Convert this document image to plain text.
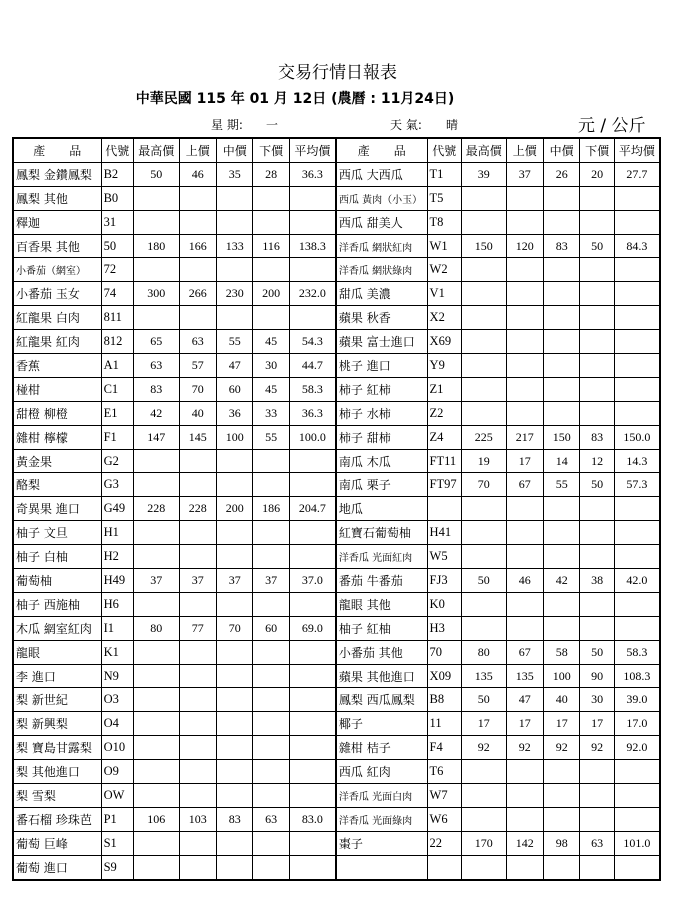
交易行情日報表
中華民國 115 年 01 月 12日 (農曆 : 11月24日)
星 期: 一	天 氣: 晴	元 / 公斤
產　　品	代號	最高價	上價	中價	下價	平均價	產　　品	代號	最高價	上價	中價	下價	平均價
鳳梨 金鑽鳳梨	B2	50	46	35	28	36.3	西瓜 大西瓜	T1	39	37	26	20	27.7
鳳梨 其他	B0						西瓜 黃肉（小玉）	T5					
釋迦	31						西瓜 甜美人	T8					
百香果 其他	50	180	166	133	116	138.3	洋香瓜 網狀紅肉	W1	150	120	83	50	84.3
小番茄（網室）	72						洋香瓜 網狀綠肉	W2					
小番茄 玉女	74	300	266	230	200	232.0	甜瓜 美濃	V1					
紅龍果 白肉	811						蘋果 秋香	X2					
紅龍果 紅肉	812	65	63	55	45	54.3	蘋果 富士進口	X69					
香蕉	A1	63	57	47	30	44.7	桃子 進口	Y9					
椪柑	C1	83	70	60	45	58.3	柿子 紅柿	Z1					
甜橙 柳橙	E1	42	40	36	33	36.3	柿子 水柿	Z2					
雜柑 檸檬	F1	147	145	100	55	100.0	柿子 甜柿	Z4	225	217	150	83	150.0
黃金果	G2						南瓜 木瓜	FT11	19	17	14	12	14.3
酪梨	G3						南瓜 栗子	FT97	70	67	55	50	57.3
奇異果 進口	G49	228	228	200	186	204.7	地瓜						
柚子 文旦	H1						紅寶石葡萄柚	H41					
柚子 白柚	H2						洋香瓜 光面紅肉	W5					
葡萄柚	H49	37	37	37	37	37.0	番茄 牛番茄	FJ3	50	46	42	38	42.0
柚子 西施柚	H6						龍眼 其他	K0					
木瓜 網室紅肉	I1	80	77	70	60	69.0	柚子 紅柚	H3					
龍眼	K1						小番茄 其他	70	80	67	58	50	58.3
李 進口	N9						蘋果 其他進口	X09	135	135	100	90	108.3
梨 新世紀	O3						鳳梨 西瓜鳳梨	B8	50	47	40	30	39.0
梨 新興梨	O4						椰子	11	17	17	17	17	17.0
梨 寶島甘露梨	O10						雜柑 桔子	F4	92	92	92	92	92.0
梨 其他進口	O9						西瓜 紅肉	T6					
梨 雪梨	OW						洋香瓜 光面白肉	W7					
番石榴 珍珠芭	P1	106	103	83	63	83.0	洋香瓜 光面綠肉	W6					
葡萄 巨峰	S1						棗子	22	170	142	98	63	101.0
葡萄 進口	S9												
